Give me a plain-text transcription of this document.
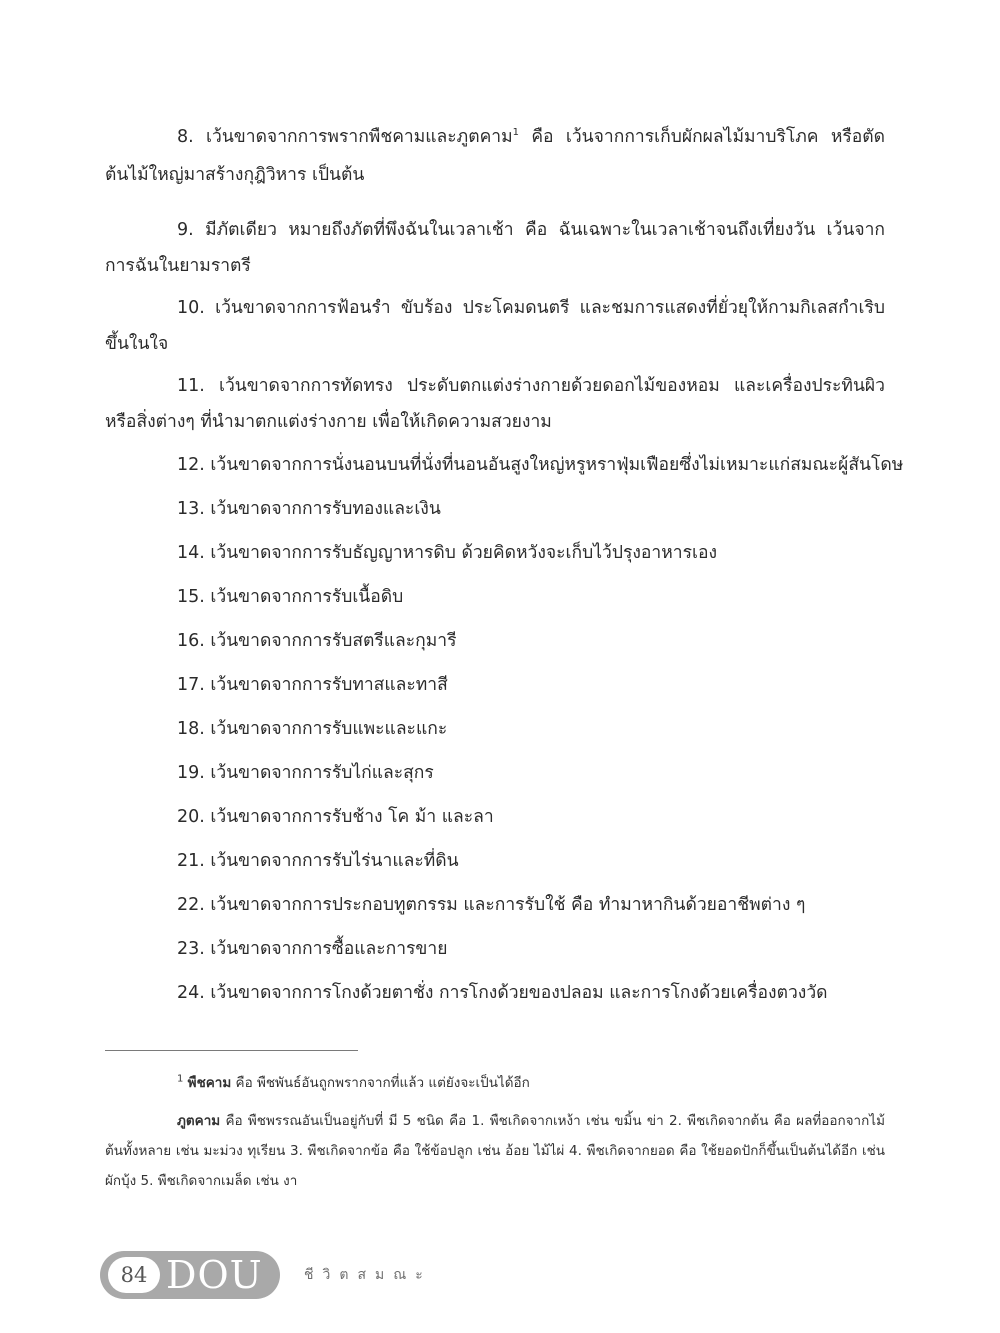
8. เว้นขาดจากการพรากพืชคามและภูตคาม$^1$ คือ เว้นจากการเก็บผักผลไม้มาบริโภค หรือตัดต้นไม้ใหญ่มาสร้างกุฎิวิหาร เป็นต้น

9. มีภัตเดียว หมายถึงภัตที่พึงฉันในเวลาเช้า คือ ฉันเฉพาะในเวลาเช้าจนถึงเที่ยงวัน เว้นจากการฉันในยามราตรี

10. เว้นขาดจากการฟ้อนรำ ขับร้อง ประโคมดนตรี และชมการแสดงที่ยั่วยุให้กามกิเลสกำเริบขึ้นในใจ

11. เว้นขาดจากการทัดทรง ประดับตกแต่งร่างกายด้วยดอกไม้ของหอม และเครื่องประทินผิว หรือสิ่งต่างๆ ที่นำมาตกแต่งร่างกาย เพื่อให้เกิดความสวยงาม

12. เว้นขาดจากการนั่งนอนบนที่นั่งที่นอนอันสูงใหญ่หรูหราฟุ่มเฟือยซึ่งไม่เหมาะแก่สมณะผู้สันโดษ
13. เว้นขาดจากการรับทองและเงิน
14. เว้นขาดจากการรับธัญญาหารดิบ ด้วยคิดหวังจะเก็บไว้ปรุงอาหารเอง
15. เว้นขาดจากการรับเนื้อดิบ
16. เว้นขาดจากการรับสตรีและกุมารี
17. เว้นขาดจากการรับทาสและทาสี
18. เว้นขาดจากการรับแพะและแกะ
19. เว้นขาดจากการรับไก่และสุกร
20. เว้นขาดจากการรับช้าง โค ม้า และลา
21. เว้นขาดจากการรับไร่นาและที่ดิน
22. เว้นขาดจากการประกอบทูตกรรม และการรับใช้ คือ ทำมาหากินด้วยอาชีพต่าง ๆ
23. เว้นขาดจากการซื้อและการขาย
24. เว้นขาดจากการโกงด้วยตาชั่ง การโกงด้วยของปลอม และการโกงด้วยเครื่องตวงวัด

$^1$ พืชคาม คือ พืชพันธ์อันถูกพรากจากที่แล้ว แต่ยังจะเป็นได้อีก

ภูตคาม คือ พืชพรรณอันเป็นอยู่กับที่ มี 5 ชนิด คือ 1. พืชเกิดจากเหง้า เช่น ขมิ้น ข่า 2. พืชเกิดจากต้น คือ ผลที่ออกจากไม้ต้นทั้งหลาย เช่น มะม่วง ทุเรียน 3. พืชเกิดจากข้อ คือ ใช้ข้อปลูก เช่น อ้อย ไม้ไผ่ 4. พืชเกิดจากยอด คือ ใช้ยอดปักก็ขึ้นเป็นต้นได้อีก เช่น ผักบุ้ง 5. พืชเกิดจากเมล็ด เช่น งา

84 DOU	ชีวิตสมณะ
